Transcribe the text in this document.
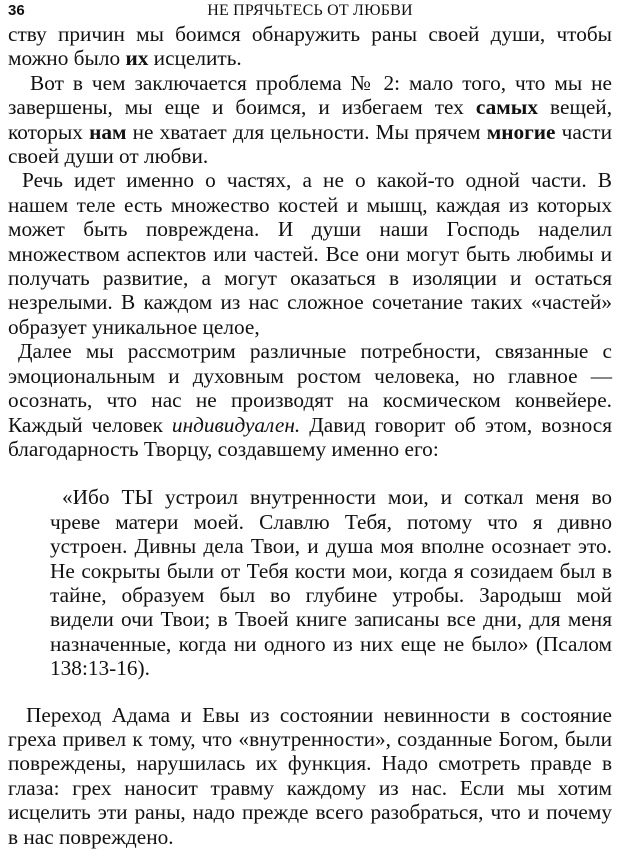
36	НЕ ПРЯЧЬТЕСЬ ОТ ЛЮБВИ

ству причин мы боимся обнаружить раны своей души, чтобы можно было их исцелить.

Вот в чем заключается проблема № 2: мало того, что мы не завершены, мы еще и боимся, и избегаем тех самых вещей, которых нам не хватает для цельности. Мы прячем многие части своей души от любви.

Речь идет именно о частях, а не о какой-то одной части. В нашем теле есть множество костей и мышц, каждая из которых может быть повреждена. И души наши Господь наделил множеством аспектов или частей. Все они могут быть любимы и получать развитие, а могут оказаться в изоляции и остаться незрелыми. В каждом из нас сложное сочетание таких «частей» образует уникальное целое,

Далее мы рассмотрим различные потребности, связанные с эмоциональным и духовным ростом человека, но главное — осознать, что нас не производят на космическом конвейере. Каждый человек индивидуален. Давид говорит об этом, вознося благодарность Творцу, создавшему именно его:

«Ибо ТЫ устроил внутренности мои, и соткал меня во чреве матери моей. Славлю Тебя, потому что я дивно устроен. Дивны дела Твои, и душа моя вполне осознает это. Не сокрыты были от Тебя кости мои, когда я созидаем был в тайне, образуем был во глубине утробы. Зародыш мой видели очи Твои; в Твоей книге записаны все дни, для меня назначенные, когда ни одного из них еще не было» (Псалом 138:13-16).

Переход Адама и Евы из состоянии невинности в состояние греха привел к тому, что «внутренности», созданные Богом, были повреждены, нарушилась их функция. Надо смотреть правде в глаза: грех наносит травму каждому из нас. Если мы хотим исцелить эти раны, надо прежде всего разобраться, что и почему в нас повреждено.
